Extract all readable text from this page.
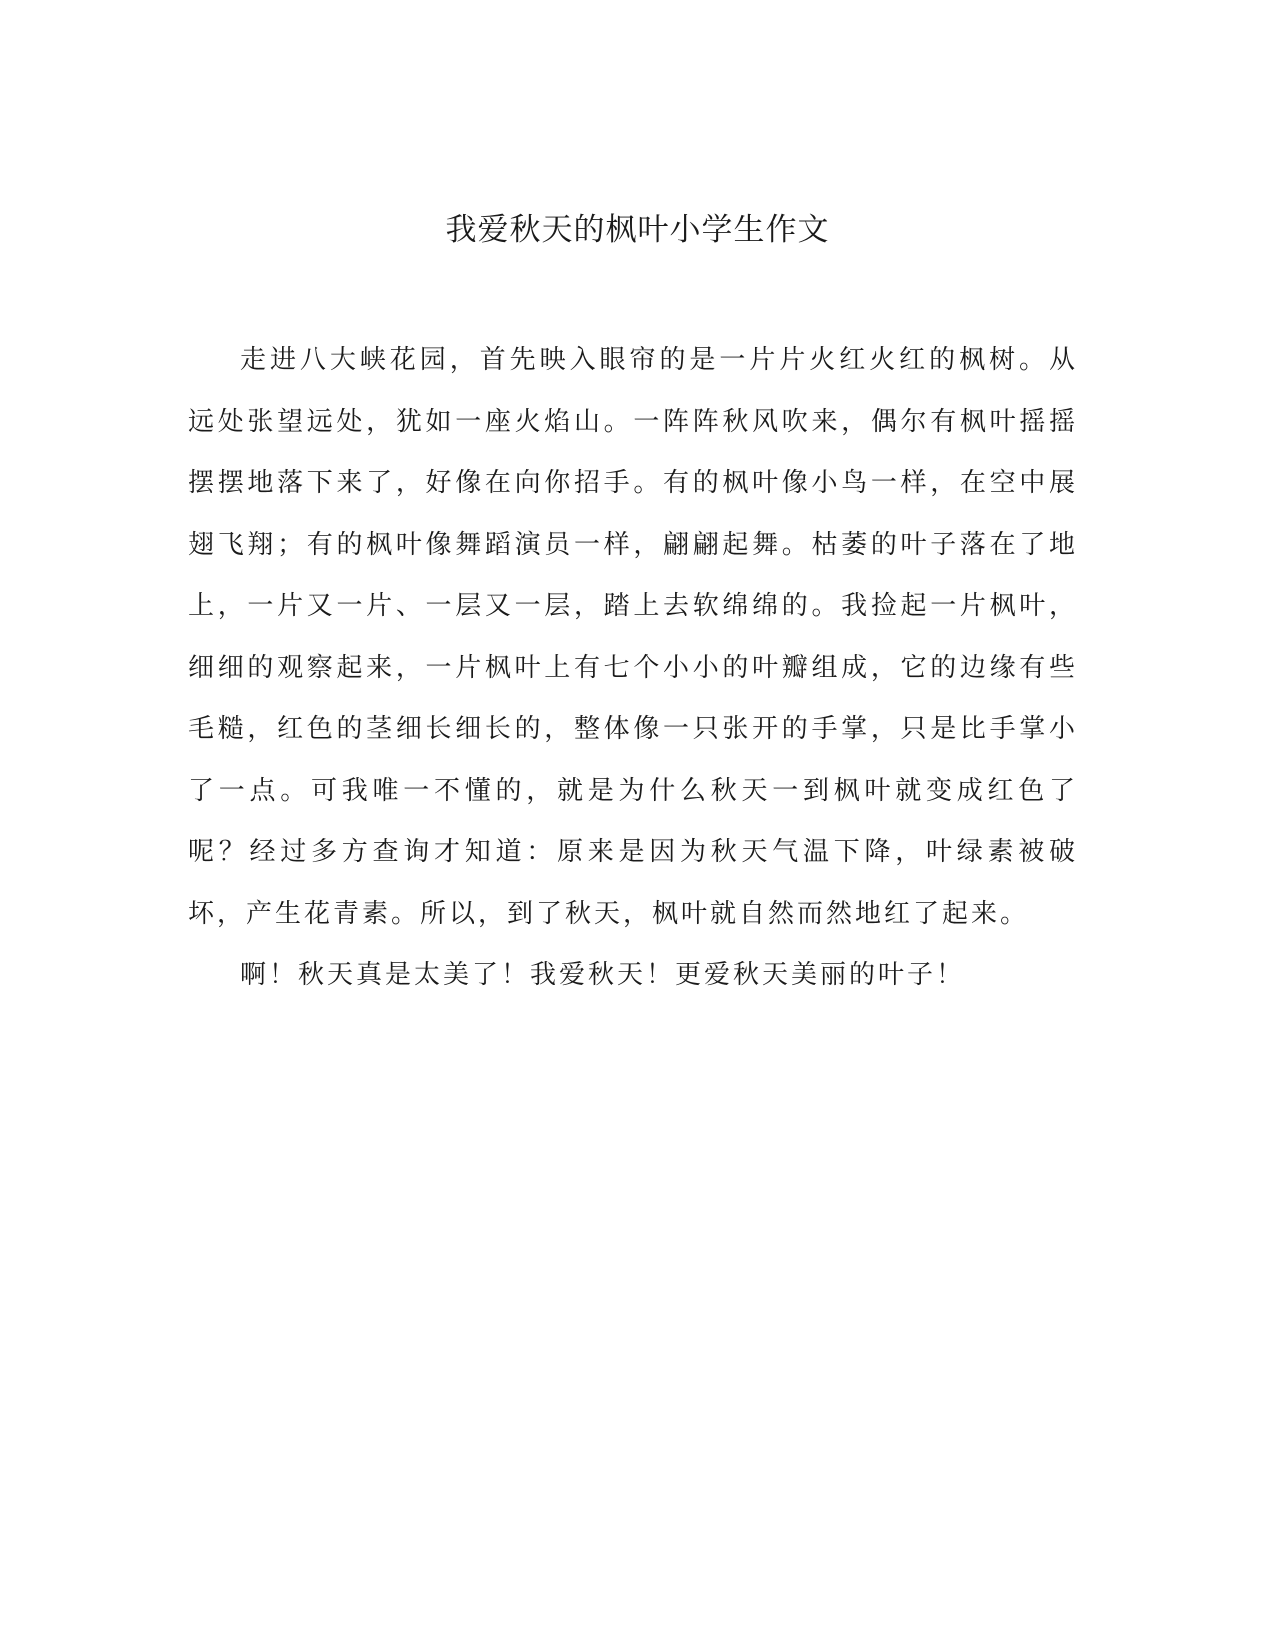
我爱秋天的枫叶小学生作文

走进八大峡花园，首先映入眼帘的是一片片火红火红的枫树。从远处张望远处，犹如一座火焰山。一阵阵秋风吹来，偶尔有枫叶摇摇摆摆地落下来了，好像在向你招手。有的枫叶像小鸟一样，在空中展翅飞翔；有的枫叶像舞蹈演员一样，翩翩起舞。枯萎的叶子落在了地上，一片又一片、一层又一层，踏上去软绵绵的。我捡起一片枫叶，细细的观察起来，一片枫叶上有七个小小的叶瓣组成，它的边缘有些毛糙，红色的茎细长细长的，整体像一只张开的手掌，只是比手掌小了一点。可我唯一不懂的，就是为什么秋天一到枫叶就变成红色了呢？经过多方查询才知道：原来是因为秋天气温下降，叶绿素被破坏，产生花青素。所以，到了秋天，枫叶就自然而然地红了起来。

啊！秋天真是太美了！我爱秋天！更爱秋天美丽的叶子！
